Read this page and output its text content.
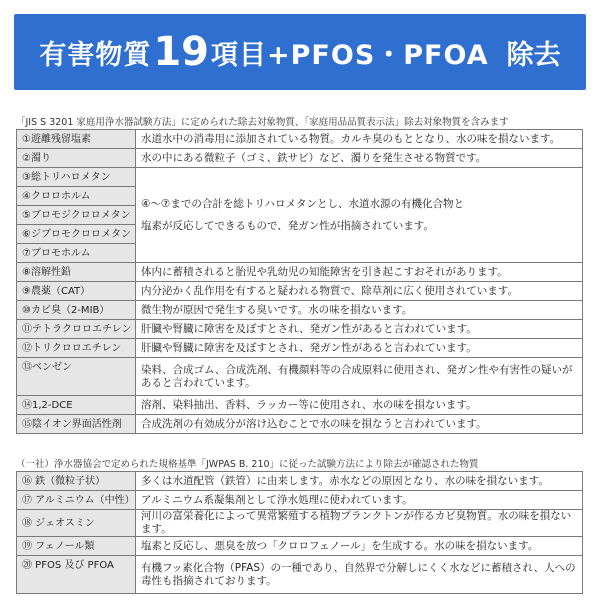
有害物質 19 項目+PFOS・PFOA 除去
「JIS S 3201 家庭用浄水器試験方法」に定められた除去対象物質、「家庭用品品質表示法」除去対象物質を含みます
①遊離残留塩素	水道水中の消毒用に添加されている物質。カルキ臭のもととなり、水の味を損ないます。
②濁り	水の中にある微粒子（ゴミ、鉄サビ）など、濁りを発生させる物質です。
③総トリハロメタン	④～⑦までの合計を総トリハロメタンとし、水道水源の有機化合物と
塩素が反応してできるもので、発ガン性が指摘されています。

④クロロホルム	
⑤ブロモジクロロメタン	
⑥ジブロモクロロメタン	
⑦ブロモホルム	
⑧溶解性鉛	体内に蓄積されると胎児や乳幼児の知能障害を引き起こすおそれがあります。
⑨農薬（CAT）	内分泌かく乱作用を有すると疑われる物質で、除草剤に広く使用されています。
⑩カビ臭（2-MIB）	微生物が原因で発生する臭いです。水の味を損ないます。
⑪テトラクロロエチレン	肝臓や腎臓に障害を及ぼすとされ、発ガン性があると言われています。
⑫トリクロロエチレン	肝臓や腎臓に障害を及ぼすとされ、発ガン性があると言われています。
⑬ベンゼン	染料、合成ゴム、合成洗剤、有機顔料等の合成原料に使用され、発ガン性や有害性の疑いがあると言われています。
⑭1,2-DCE	溶剤、染料抽出、香料、ラッカー等に使用され、水の味を損ないます。
⑮陰イオン界面活性剤	合成洗剤の有効成分が溶け込むことで水の味を損なうと言われています。
（一社）浄水器協会で定められた規格基準「JWPAS B. 210」に従った試験方法により除去が確認された物質
⑯ 鉄（微粒子状）	多くは水道配管（鉄管）に由来します。赤水などの原因となり、水の味を損ないます。
⑰ アルミニウム（中性）	アルミニウム系凝集剤として浄水処理に使われています。
⑱ ジェオスミン	河川の富栄養化によって異常繁殖する植物プランクトンが作るカビ臭物質。水の味を損ないます。
⑲ フェノール類	塩素と反応し、悪臭を放つ「クロロフェノール」を生成する。水の味を損ないます。
⑳ PFOS 及び PFOA	有機フッ素化合物（PFAS）の一種であり、自然界で分解しにくく水などに蓄積され、人への毒性も指摘されております。
